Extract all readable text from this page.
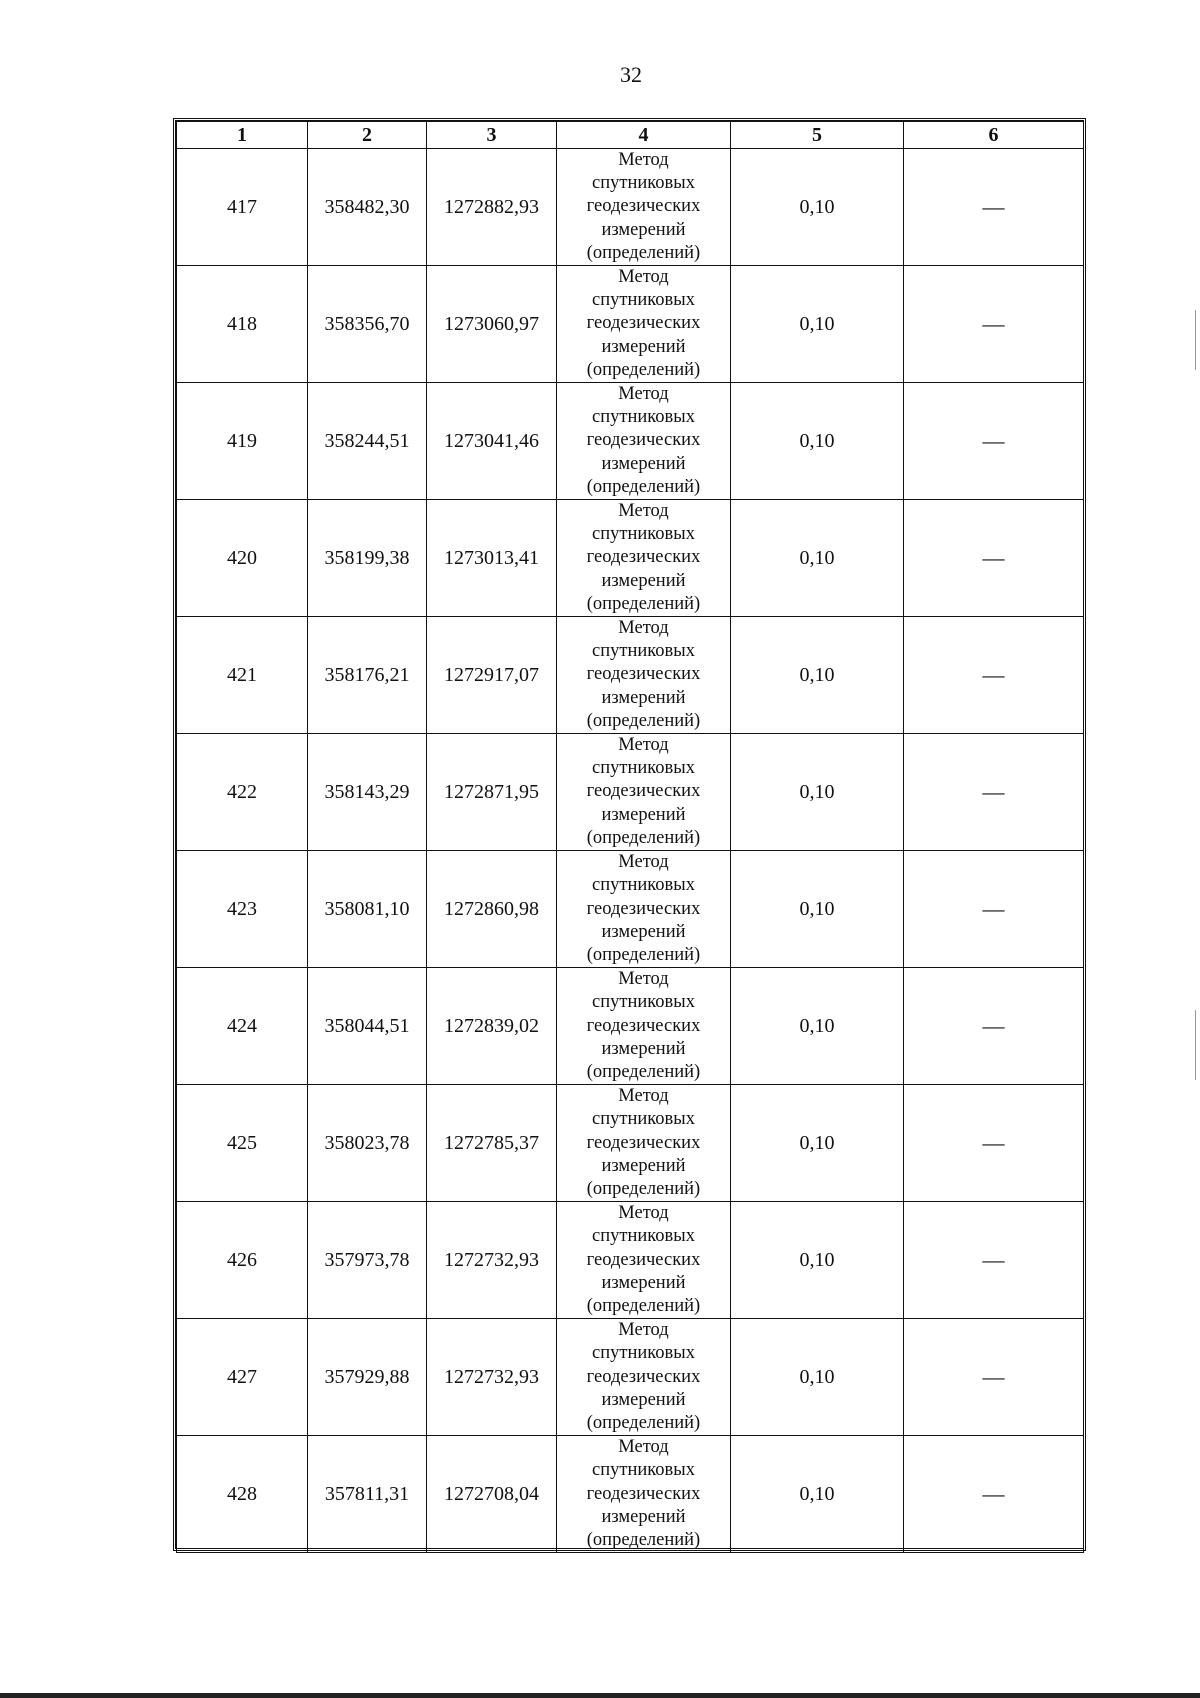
32
1	2	3	4	5	6
417	358482,30	1272882,93	Метод
спутниковых
геодезических
измерений
(определений)	0,10	—
418	358356,70	1273060,97	Метод
спутниковых
геодезических
измерений
(определений)	0,10	—
419	358244,51	1273041,46	Метод
спутниковых
геодезических
измерений
(определений)	0,10	—
420	358199,38	1273013,41	Метод
спутниковых
геодезических
измерений
(определений)	0,10	—
421	358176,21	1272917,07	Метод
спутниковых
геодезических
измерений
(определений)	0,10	—
422	358143,29	1272871,95	Метод
спутниковых
геодезических
измерений
(определений)	0,10	—
423	358081,10	1272860,98	Метод
спутниковых
геодезических
измерений
(определений)	0,10	—
424	358044,51	1272839,02	Метод
спутниковых
геодезических
измерений
(определений)	0,10	—
425	358023,78	1272785,37	Метод
спутниковых
геодезических
измерений
(определений)	0,10	—
426	357973,78	1272732,93	Метод
спутниковых
геодезических
измерений
(определений)	0,10	—
427	357929,88	1272732,93	Метод
спутниковых
геодезических
измерений
(определений)	0,10	—
428	357811,31	1272708,04	Метод
спутниковых
геодезических
измерений
(определений)	0,10	—
